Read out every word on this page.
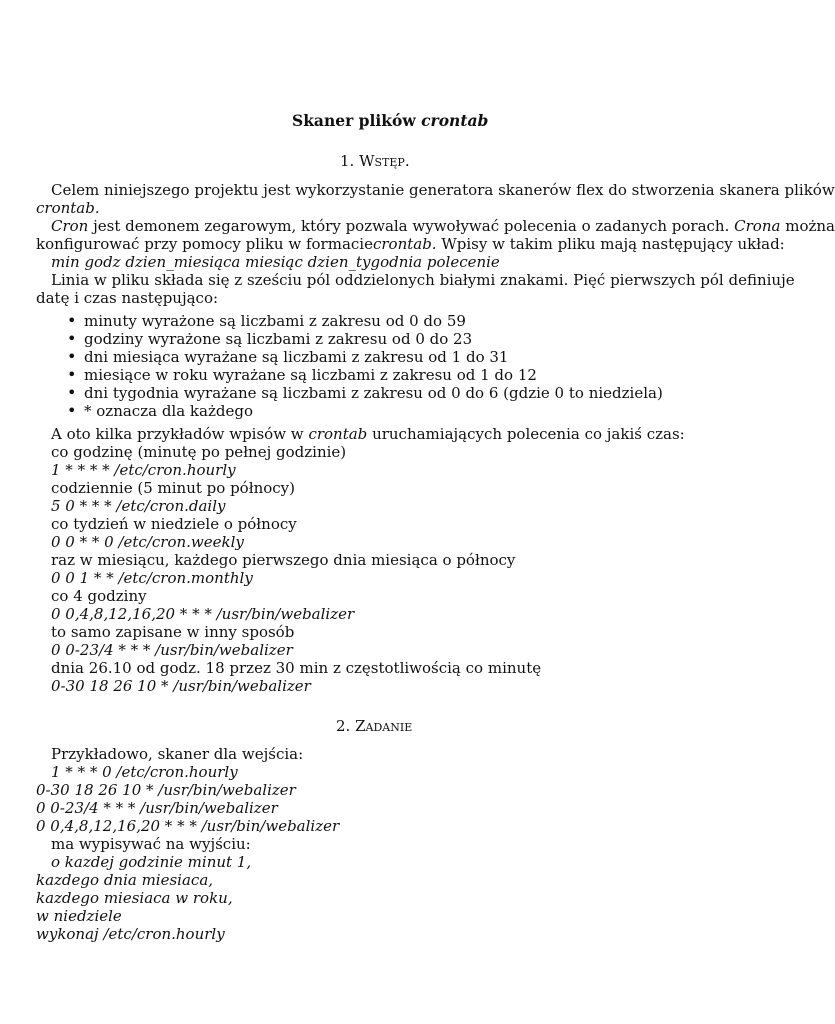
Skaner plików crontab
1. Wstęp.
Celem niniejszego projektu jest wykorzystanie generatora skanerów flex do stworzenia skanera plików
crontab.
Cron jest demonem zegarowym, który pozwala wywoływać polecenia o zadanych porach. Crona można
konfigurować przy pomocy pliku w formaciecrontab. Wpisy w takim pliku mają następujący układ:
min godz dzien_miesiąca miesiąc dzien_tygodnia polecenie
Linia w pliku składa się z sześciu pól oddzielonych białymi znakami. Pięć pierwszych pól definiuje
datę i czas następująco:
• minuty wyrażone są liczbami z zakresu od 0 do 59
• godziny wyrażone są liczbami z zakresu od 0 do 23
• dni miesiąca wyrażane są liczbami z zakresu od 1 do 31
• miesiące w roku wyrażane są liczbami z zakresu od 1 do 12
• dni tygodnia wyrażane są liczbami z zakresu od 0 do 6 (gdzie 0 to niedziela)
• * oznacza dla każdego
A oto kilka przykładów wpisów w crontab uruchamiających polecenia co jakiś czas:
co godzinę (minutę po pełnej godzinie)
1 * * * * /etc/cron.hourly
codziennie (5 minut po północy)
5 0 * * * /etc/cron.daily
co tydzień w niedziele o północy
0 0 * * 0 /etc/cron.weekly
raz w miesiącu, każdego pierwszego dnia miesiąca o północy
0 0 1 * * /etc/cron.monthly
co 4 godziny
0 0,4,8,12,16,20 * * * /usr/bin/webalizer
to samo zapisane w inny sposób
0 0-23/4 * * * /usr/bin/webalizer
dnia 26.10 od godz. 18 przez 30 min z częstotliwością co minutę
0-30 18 26 10 * /usr/bin/webalizer
2. Zadanie
Przykładowo, skaner dla wejścia:
1 * * * 0 /etc/cron.hourly
0-30 18 26 10 * /usr/bin/webalizer
0 0-23/4 * * * /usr/bin/webalizer
0 0,4,8,12,16,20 * * * /usr/bin/webalizer
ma wypisywać na wyjściu:
o kazdej godzinie minut 1,
kazdego dnia miesiaca,
kazdego miesiaca w roku,
w niedziele
wykonaj /etc/cron.hourly
